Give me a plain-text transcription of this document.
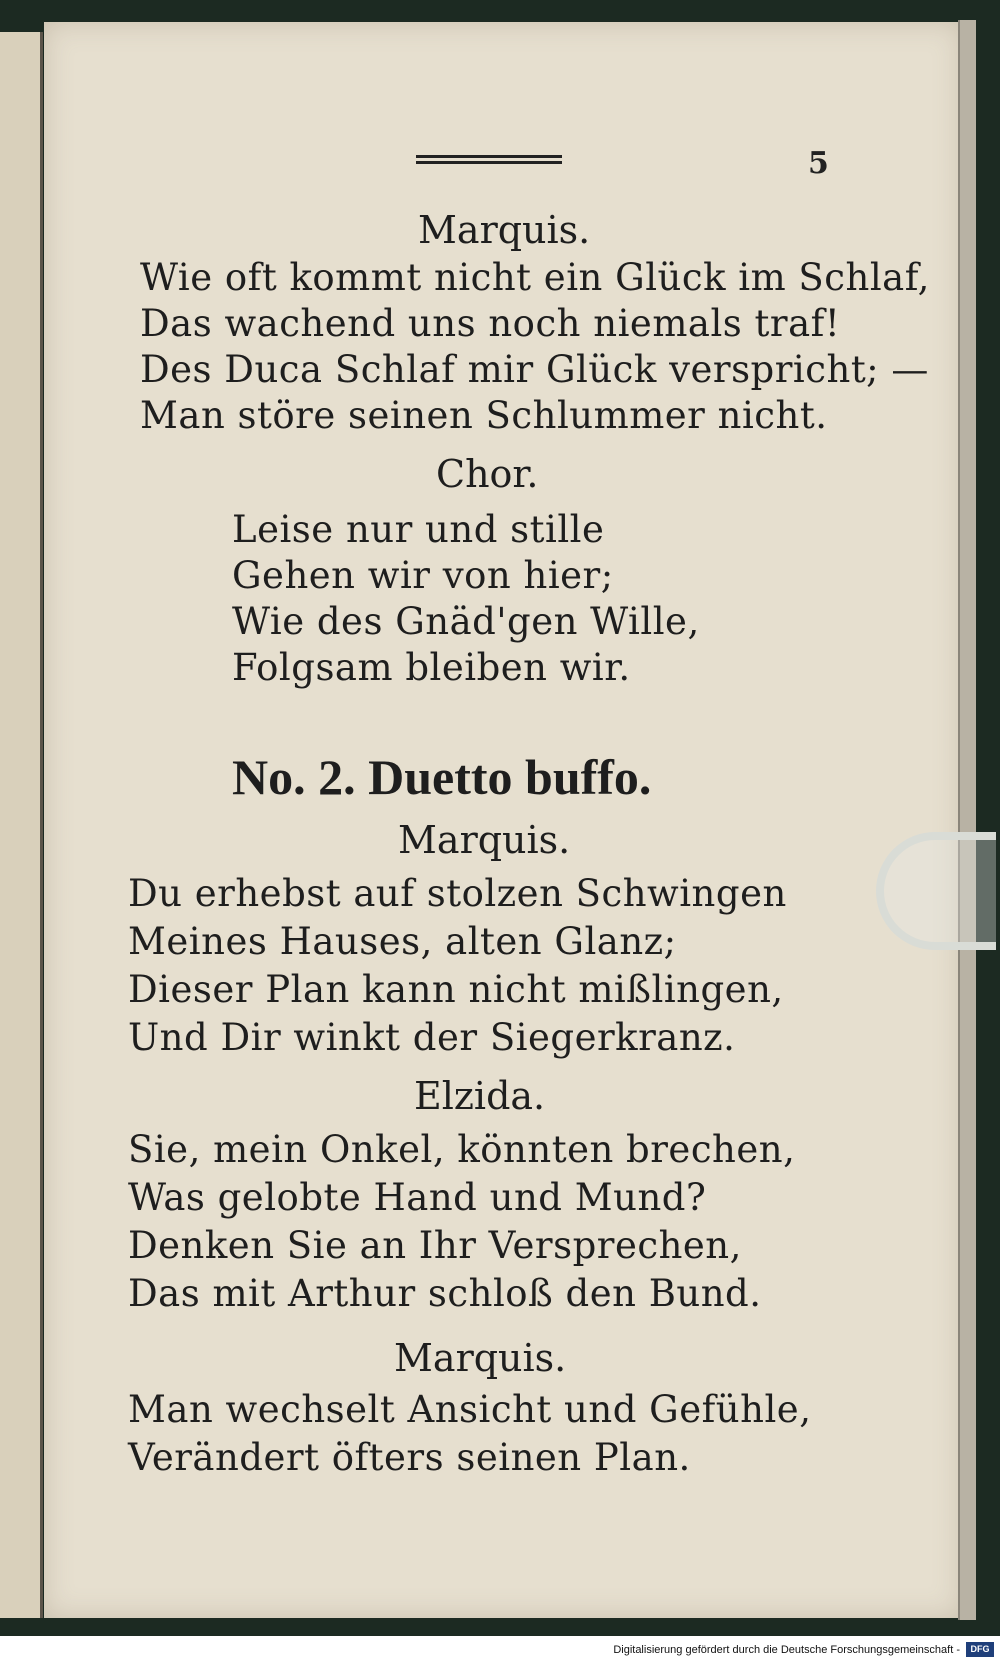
5
Marquis.
Wie oft kommt nicht ein Glück im Schlaf,
Das wachend uns noch niemals traf!
Des Duca Schlaf mir Glück verspricht; —
Man störe seinen Schlummer nicht.
Chor.
Leise nur und stille
Gehen wir von hier;
Wie des Gnäd'gen Wille,
Folgsam bleiben wir.
No. 2. Duetto buffo.
Marquis.
Du erhebst auf stolzen Schwingen
Meines Hauses, alten Glanz;
Dieser Plan kann nicht mißlingen,
Und Dir winkt der Siegerkranz.
Elzida.
Sie, mein Onkel, könnten brechen,
Was gelobte Hand und Mund?
Denken Sie an Ihr Versprechen,
Das mit Arthur schloß den Bund.
Marquis.
Man wechselt Ansicht und Gefühle,
Verändert öfters seinen Plan.
Digitalisierung gefördert durch die Deutsche Forschungsgemeinschaft -	DFG
